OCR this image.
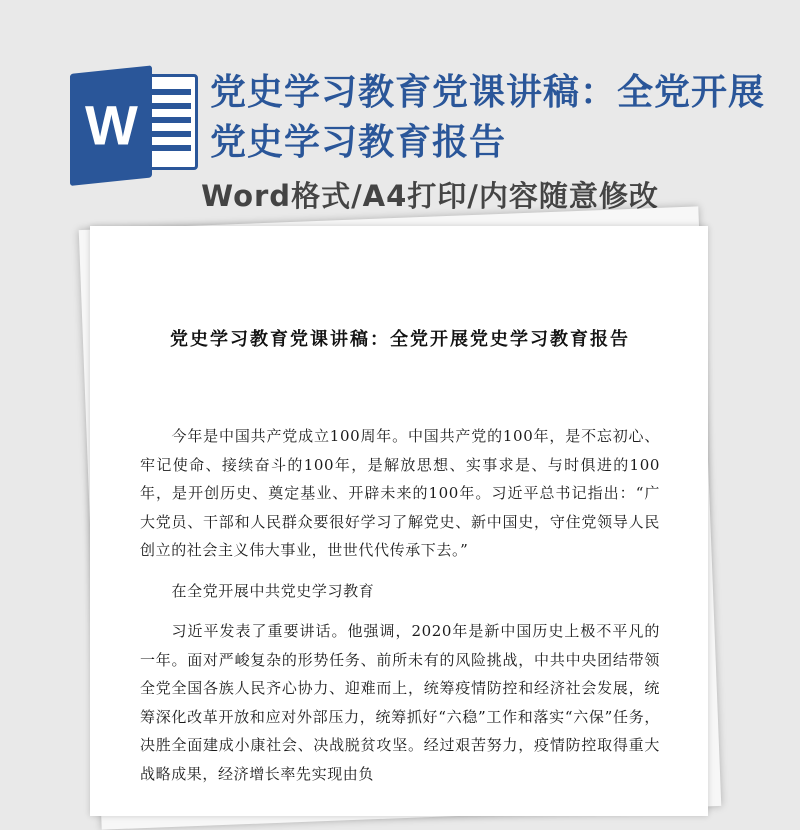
W
党史学习教育党课讲稿：全党开展
党史学习教育报告
Word格式/A4打印/内容随意修改
党史学习教育党课讲稿：全党开展党史学习教育报告

今年是中国共产党成立100周年。中国共产党的100年，是不忘初心、牢记使命、接续奋斗的100年，是解放思想、实事求是、与时俱进的100年，是开创历史、奠定基业、开辟未来的100年。习近平总书记指出：“广大党员、干部和人民群众要很好学习了解党史、新中国史，守住党领导人民创立的社会主义伟大事业，世世代代传承下去。”

在全党开展中共党史学习教育

习近平发表了重要讲话。他强调，2020年是新中国历史上极不平凡的一年。面对严峻复杂的形势任务、前所未有的风险挑战，中共中央团结带领全党全国各族人民齐心协力、迎难而上，统筹疫情防控和经济社会发展，统筹深化改革开放和应对外部压力，统筹抓好“六稳”工作和落实“六保”任务，决胜全面建成小康社会、决战脱贫攻坚。经过艰苦努力，疫情防控取得重大战略成果，经济增长率先实现由负
